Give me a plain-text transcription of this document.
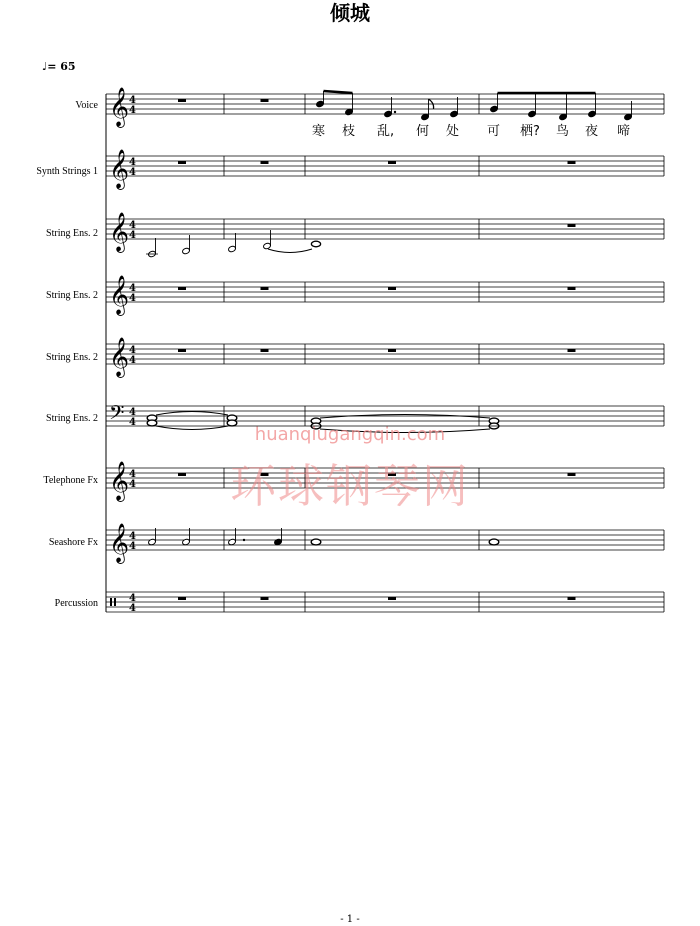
倾城
♩= 65
Voice
Synth Strings 1
String Ens. 2
String Ens. 2
String Ens. 2
String Ens. 2
Telephone Fx
Seashore Fx
Percussion
寒 枝 乱, 何 处 可 栖? 鸟 夜 啼
𝄞 4
4
𝄞 4
4
𝄞 4
4
𝄞 4
4
𝄞 4
4
𝄢 4
4
𝄞 4
4
𝄞 4
4
4
4
huanqiugangqin.com
环球钢琴网
- 1 -
